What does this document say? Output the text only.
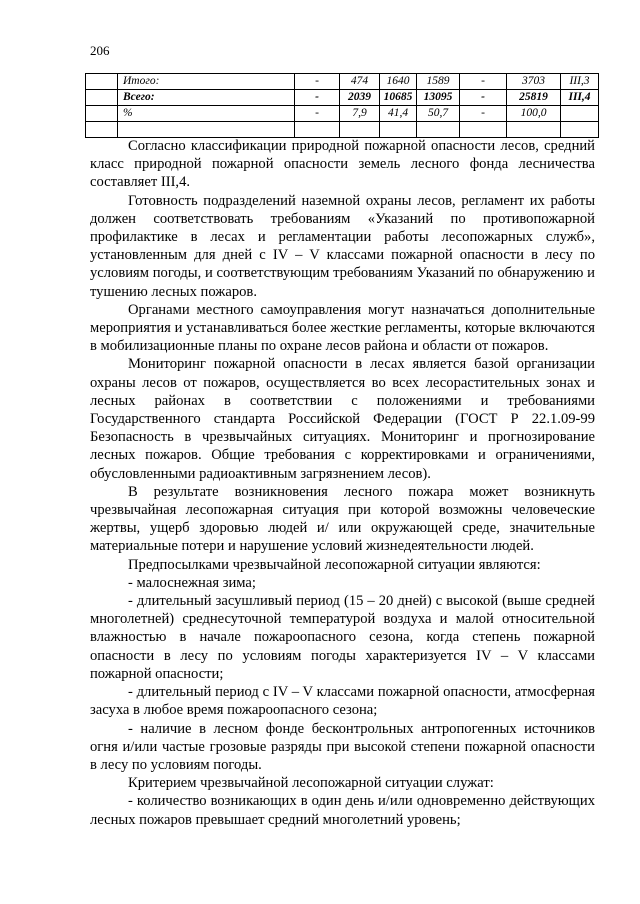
206
	Итого:	-	474	1640	1589	-	3703	III,3
	Всего:	-	2039	10685	13095	-	25819	III,4
	%	-	7,9	41,4	50,7	-	100,0	

Согласно классификации природной пожарной опасности лесов, средний класс природной пожарной опасности земель лесного фонда лесничества составляет III,4.

Готовность подразделений наземной охраны лесов, регламент их работы должен соответствовать требованиям «Указаний по противопожарной профилактике в лесах и регламентации работы лесопожарных служб», установленным для дней с IV – V классами пожарной опасности в лесу по условиям погоды, и соответствующим требованиям Указаний по обнаружению и тушению лесных пожаров.

Органами местного самоуправления могут назначаться дополнительные мероприятия и устанавливаться более жесткие регламенты, которые включаются в мобилизационные планы по охране лесов района и области от пожаров.

Мониторинг пожарной опасности в лесах является базой организации охраны лесов от пожаров, осуществляется во всех лесорастительных зонах и лесных районах в соответствии с положениями и требованиями Государственного стандарта Российской Федерации (ГОСТ Р 22.1.09-99 Безопасность в чрезвычайных ситуациях. Мониторинг и прогнозирование лесных пожаров. Общие требования с корректировками и ограничениями, обусловленными радиоактивным загрязнением лесов).

В результате возникновения лесного пожара может возникнуть чрезвычайная лесопожарная ситуация при которой возможны человеческие жертвы, ущерб здоровью людей и/ или окружающей среде, значительные материальные потери и нарушение условий жизнедеятельности людей.

Предпосылками чрезвычайной лесопожарной ситуации являются:

- малоснежная зима;

- длительный засушливый период (15 – 20 дней) с высокой (выше средней многолетней) среднесуточной температурой воздуха и малой относительной влажностью в начале пожароопасного сезона, когда степень пожарной опасности в лесу по условиям погоды характеризуется IV – V классами пожарной опасности;

- длительный период с IV – V классами пожарной опасности, атмосферная засуха в любое время пожароопасного сезона;

- наличие в лесном фонде бесконтрольных антропогенных источников огня и/или частые грозовые разряды при высокой степени пожарной опасности в лесу по условиям погоды.

Критерием чрезвычайной лесопожарной ситуации служат:

- количество возникающих в один день и/или одновременно действующих лесных пожаров превышает средний многолетний уровень;
